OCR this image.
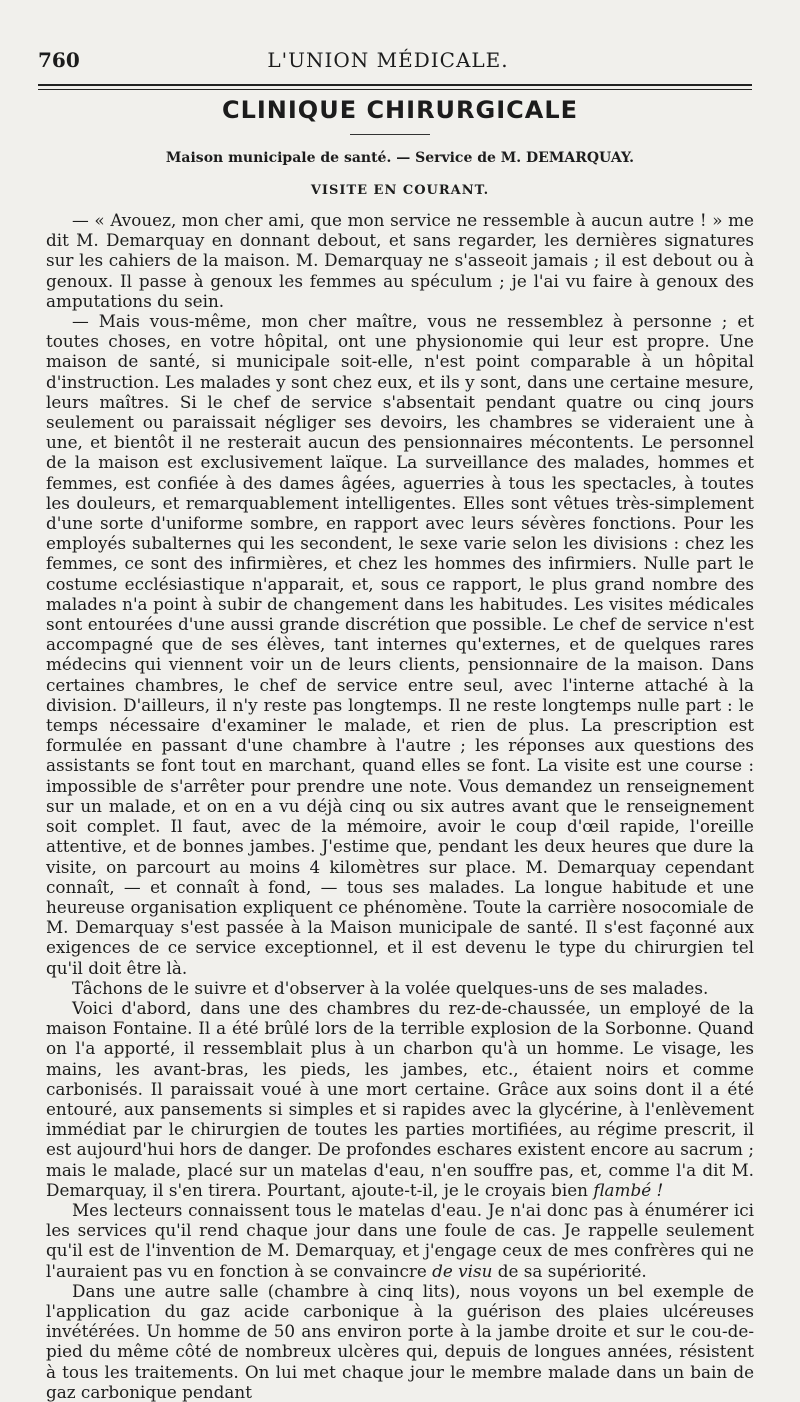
760	L'UNION MÉDICALE.
CLINIQUE CHIRURGICALE
Maison municipale de santé. — Service de M. DEMARQUAY.
VISITE EN COURANT.

— « Avouez, mon cher ami, que mon service ne ressemble à aucun autre ! » me dit M. Demarquay en donnant debout, et sans regarder, les dernières signatures sur les cahiers de la maison. M. Demarquay ne s'asseoit jamais ; il est debout ou à genoux. Il passe à genoux les femmes au spéculum ; je l'ai vu faire à genoux des amputations du sein.

— Mais vous-même, mon cher maître, vous ne ressemblez à personne ; et toutes choses, en votre hôpital, ont une physionomie qui leur est propre. Une maison de santé, si municipale soit-elle, n'est point comparable à un hôpital d'instruction. Les malades y sont chez eux, et ils y sont, dans une certaine mesure, leurs maîtres. Si le chef de service s'absentait pendant quatre ou cinq jours seulement ou paraissait négliger ses devoirs, les chambres se videraient une à une, et bientôt il ne resterait aucun des pensionnaires mécontents. Le personnel de la maison est exclusivement laïque. La surveillance des malades, hommes et femmes, est confiée à des dames âgées, aguerries à tous les spectacles, à toutes les douleurs, et remarquablement intelligentes. Elles sont vêtues très-simplement d'une sorte d'uniforme sombre, en rapport avec leurs sévères fonctions. Pour les employés subalternes qui les secondent, le sexe varie selon les divisions : chez les femmes, ce sont des infirmières, et chez les hommes des infirmiers. Nulle part le costume ecclésiastique n'apparait, et, sous ce rapport, le plus grand nombre des malades n'a point à subir de changement dans les habitudes. Les visites médicales sont entourées d'une aussi grande discrétion que possible. Le chef de service n'est accompagné que de ses élèves, tant internes qu'externes, et de quelques rares médecins qui viennent voir un de leurs clients, pensionnaire de la maison. Dans certaines chambres, le chef de service entre seul, avec l'interne attaché à la division. D'ailleurs, il n'y reste pas longtemps. Il ne reste longtemps nulle part : le temps nécessaire d'examiner le malade, et rien de plus. La prescription est formulée en passant d'une chambre à l'autre ; les réponses aux questions des assistants se font tout en marchant, quand elles se font. La visite est une course : impossible de s'arrêter pour prendre une note. Vous demandez un renseignement sur un malade, et on en a vu déjà cinq ou six autres avant que le renseignement soit complet. Il faut, avec de la mémoire, avoir le coup d'œil rapide, l'oreille attentive, et de bonnes jambes. J'estime que, pendant les deux heures que dure la visite, on parcourt au moins 4 kilomètres sur place. M. Demarquay cependant connaît, — et connaît à fond, — tous ses malades. La longue habitude et une heureuse organisation expliquent ce phénomène. Toute la carrière nosocomiale de M. Demarquay s'est passée à la Maison municipale de santé. Il s'est façonné aux exigences de ce service exceptionnel, et il est devenu le type du chirurgien tel qu'il doit être là.

Tâchons de le suivre et d'observer à la volée quelques-uns de ses malades.

Voici d'abord, dans une des chambres du rez-de-chaussée, un employé de la maison Fontaine. Il a été brûlé lors de la terrible explosion de la Sorbonne. Quand on l'a apporté, il ressemblait plus à un charbon qu'à un homme. Le visage, les mains, les avant-bras, les pieds, les jambes, etc., étaient noirs et comme carbonisés. Il paraissait voué à une mort certaine. Grâce aux soins dont il a été entouré, aux pansements si simples et si rapides avec la glycérine, à l'enlèvement immédiat par le chirurgien de toutes les parties mortifiées, au régime prescrit, il est aujourd'hui hors de danger. De profondes eschares existent encore au sacrum ; mais le malade, placé sur un matelas d'eau, n'en souffre pas, et, comme l'a dit M. Demarquay, il s'en tirera. Pourtant, ajoute-t-il, je le croyais bien flambé !

Mes lecteurs connaissent tous le matelas d'eau. Je n'ai donc pas à énumérer ici les services qu'il rend chaque jour dans une foule de cas. Je rappelle seulement qu'il est de l'invention de M. Demarquay, et j'engage ceux de mes confrères qui ne l'auraient pas vu en fonction à se convaincre de visu de sa supériorité.

Dans une autre salle (chambre à cinq lits), nous voyons un bel exemple de l'application du gaz acide carbonique à la guérison des plaies ulcéreuses invétérées. Un homme de 50 ans environ porte à la jambe droite et sur le cou-de-pied du même côté de nombreux ulcères qui, depuis de longues années, résistent à tous les traitements. On lui met chaque jour le membre malade dans un bain de gaz carbonique pendant
